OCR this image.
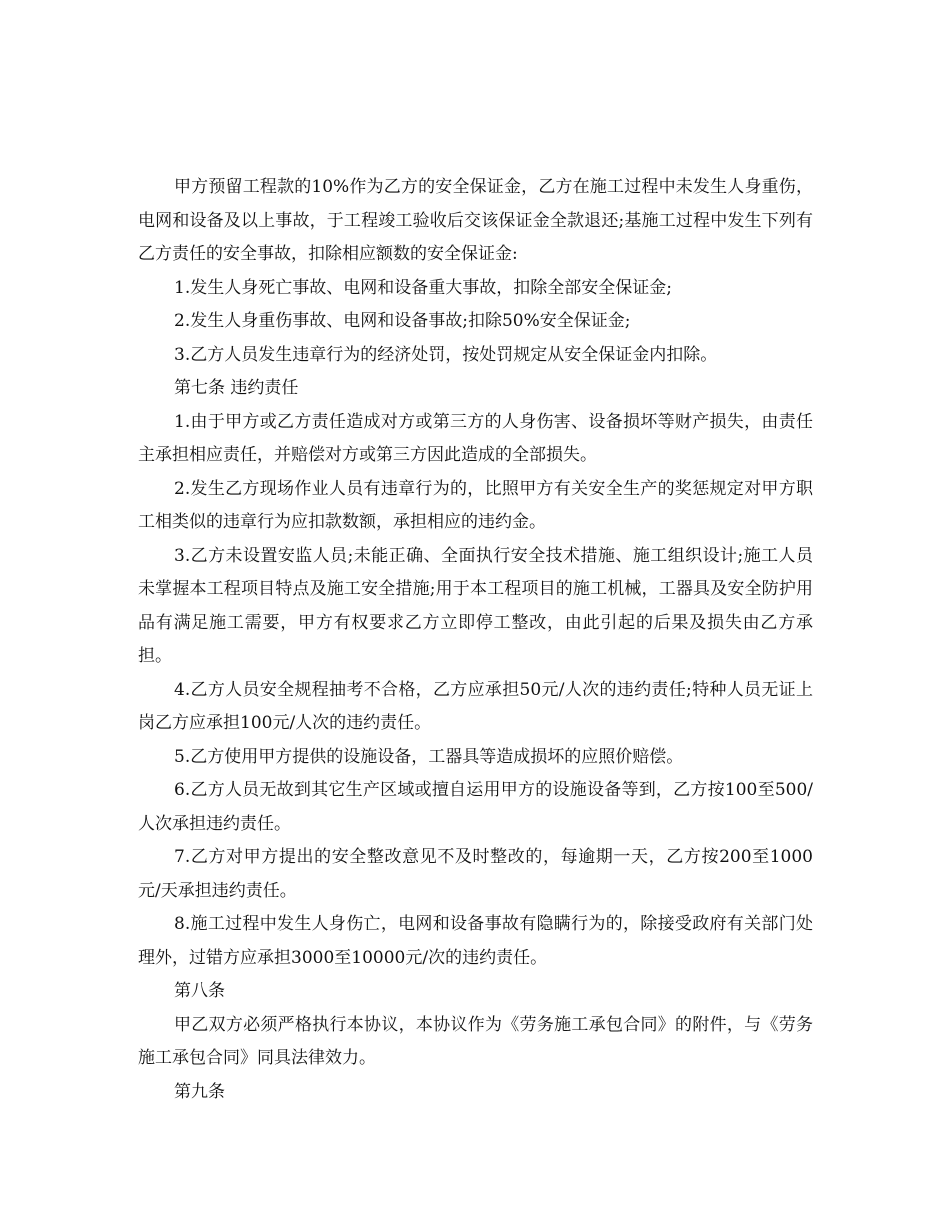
甲方预留工程款的10%作为乙方的安全保证金，乙方在施工过程中未发生人身重伤，电网和设备及以上事故，于工程竣工验收后交该保证金全款退还;基施工过程中发生下列有乙方责任的安全事故，扣除相应额数的安全保证金:

1.发生人身死亡事故、电网和设备重大事故，扣除全部安全保证金;

2.发生人身重伤事故、电网和设备事故;扣除50%安全保证金;

3.乙方人员发生违章行为的经济处罚，按处罚规定从安全保证金内扣除。

第七条 违约责任

1.由于甲方或乙方责任造成对方或第三方的人身伤害、设备损坏等财产损失，由责任主承担相应责任，并赔偿对方或第三方因此造成的全部损失。

2.发生乙方现场作业人员有违章行为的，比照甲方有关安全生产的奖惩规定对甲方职工相类似的违章行为应扣款数额，承担相应的违约金。

3.乙方未设置安监人员;未能正确、全面执行安全技术措施、施工组织设计;施工人员未掌握本工程项目特点及施工安全措施;用于本工程项目的施工机械，工器具及安全防护用品有满足施工需要，甲方有权要求乙方立即停工整改，由此引起的后果及损失由乙方承担。

4.乙方人员安全规程抽考不合格，乙方应承担50元/人次的违约责任;特种人员无证上岗乙方应承担100元/人次的违约责任。

5.乙方使用甲方提供的设施设备，工器具等造成损坏的应照价赔偿。

6.乙方人员无故到其它生产区域或擅自运用甲方的设施设备等到，乙方按100至500/人次承担违约责任。

7.乙方对甲方提出的安全整改意见不及时整改的，每逾期一天，乙方按200至1000元/天承担违约责任。

8.施工过程中发生人身伤亡，电网和设备事故有隐瞒行为的，除接受政府有关部门处理外，过错方应承担3000至10000元/次的违约责任。

第八条

甲乙双方必须严格执行本协议，本协议作为《劳务施工承包合同》的附件，与《劳务施工承包合同》同具法律效力。

第九条
